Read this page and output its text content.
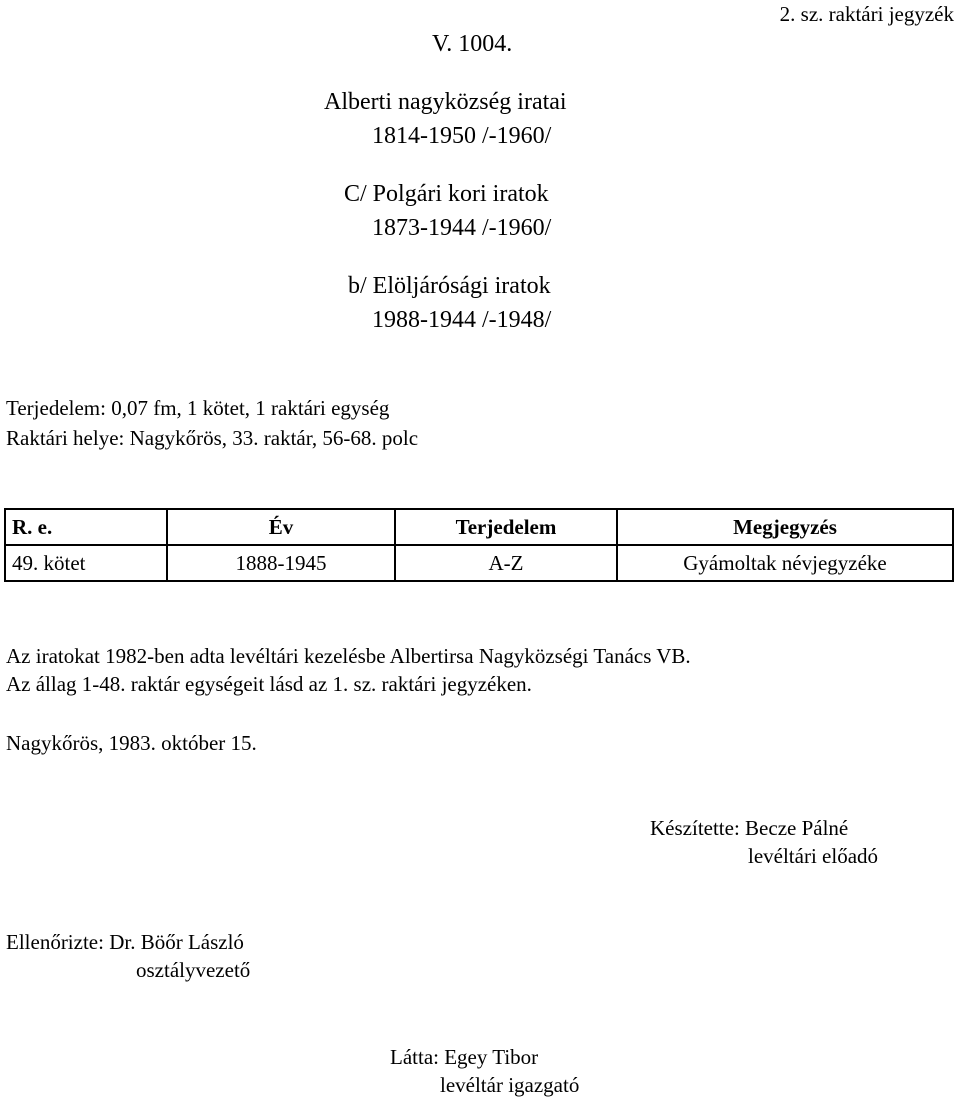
2. sz. raktári jegyzék
V. 1004.
Alberti nagyközség iratai
1814-1950 /-1960/
C/ Polgári kori iratok
1873-1944 /-1960/
b/ Elöljárósági iratok
1988-1944 /-1948/
Terjedelem: 0,07 fm, 1 kötet, 1 raktári egység
Raktári helye: Nagykőrös, 33. raktár, 56-68. polc
R. e.	Év	Terjedelem	Megjegyzés
49. kötet	1888-1945	A-Z	Gyámoltak névjegyzéke
Az iratokat 1982-ben adta levéltári kezelésbe Albertirsa Nagyközségi Tanács VB.
Az állag 1-48. raktár egységeit lásd az 1. sz. raktári jegyzéken.
Nagykőrös, 1983. október 15.
Készítette: Becze Pálné
levéltári előadó
Ellenőrizte: Dr. Böőr László
osztályvezető
Látta: Egey Tibor
levéltár igazgató
